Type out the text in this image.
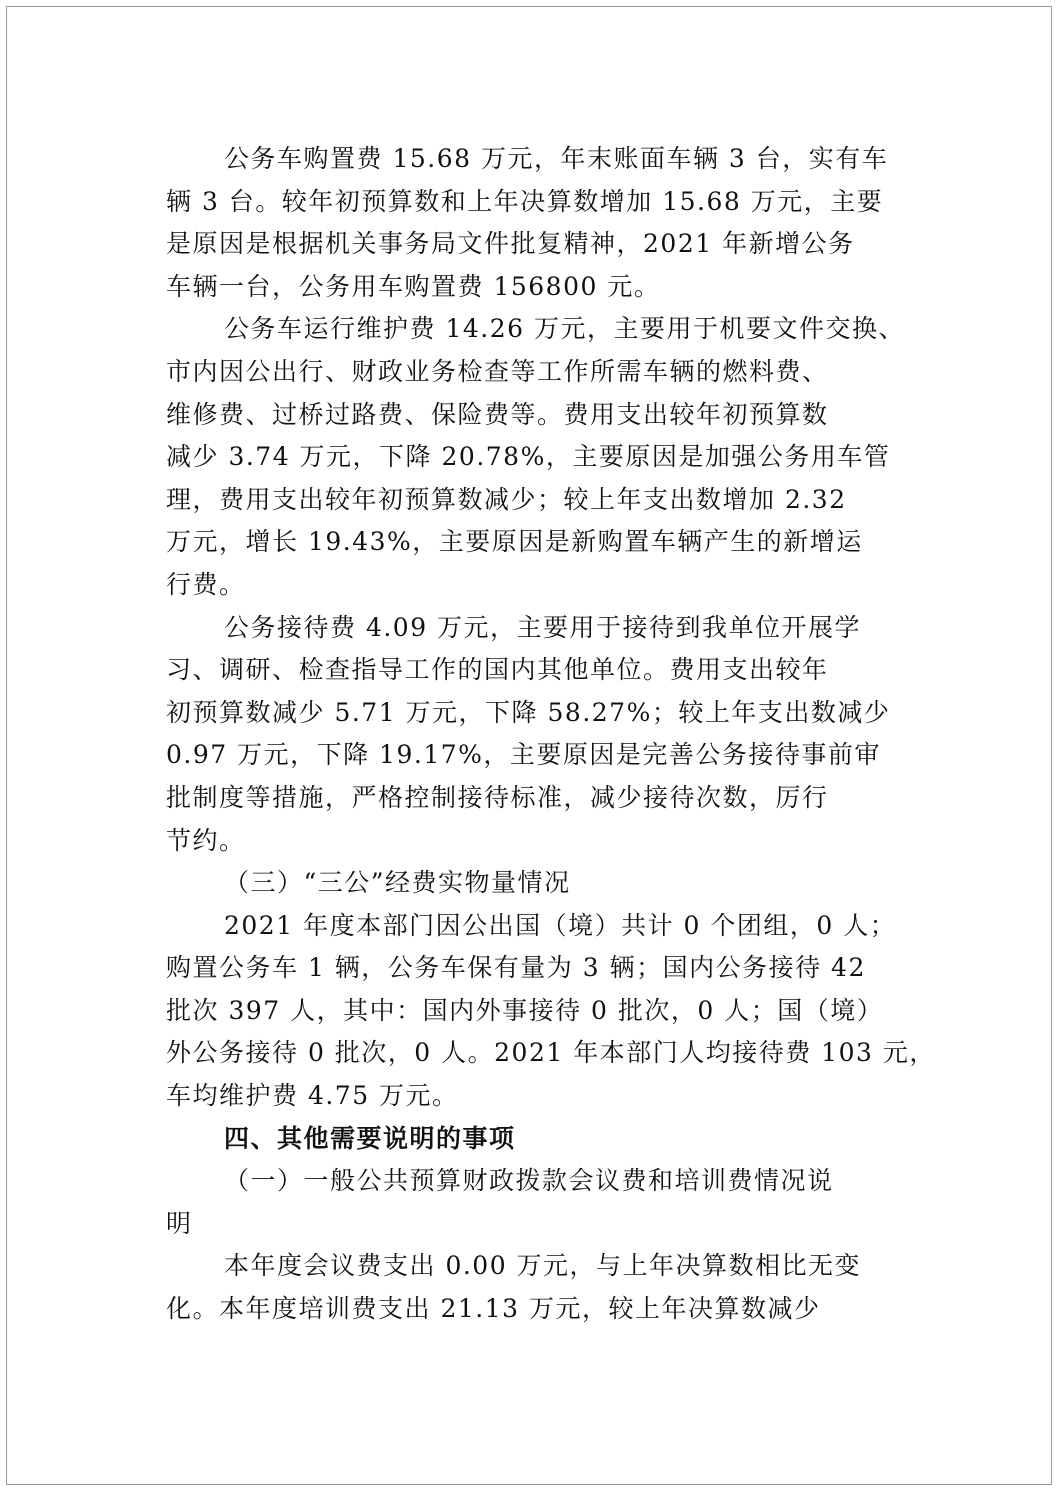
公务车购置费 15.68 万元，年末账面车辆 3 台，实有车
辆 3 台。较年初预算数和上年决算数增加 15.68 万元，主要
是原因是根据机关事务局文件批复精神，2021 年新增公务
车辆一台，公务用车购置费 156800 元。
公务车运行维护费 14.26 万元，主要用于机要文件交换、
市内因公出行、财政业务检查等工作所需车辆的燃料费、
维修费、过桥过路费、保险费等。费用支出较年初预算数
减少 3.74 万元，下降 20.78%，主要原因是加强公务用车管
理，费用支出较年初预算数减少；较上年支出数增加 2.32
万元，增长 19.43%，主要原因是新购置车辆产生的新增运
行费。
公务接待费 4.09 万元，主要用于接待到我单位开展学
习、调研、检查指导工作的国内其他单位。费用支出较年
初预算数减少 5.71 万元，下降 58.27%；较上年支出数减少
0.97 万元，下降 19.17%，主要原因是完善公务接待事前审
批制度等措施，严格控制接待标准，减少接待次数，厉行
节约。
（三）“三公”经费实物量情况
2021 年度本部门因公出国（境）共计 0 个团组，0 人；
购置公务车 1 辆，公务车保有量为 3 辆；国内公务接待 42
批次 397 人，其中：国内外事接待 0 批次，0 人；国（境）
外公务接待 0 批次，0 人。2021 年本部门人均接待费 103 元，
车均维护费 4.75 万元。
四、其他需要说明的事项
（一）一般公共预算财政拨款会议费和培训费情况说
明
本年度会议费支出 0.00 万元，与上年决算数相比无变
化。本年度培训费支出 21.13 万元，较上年决算数减少
